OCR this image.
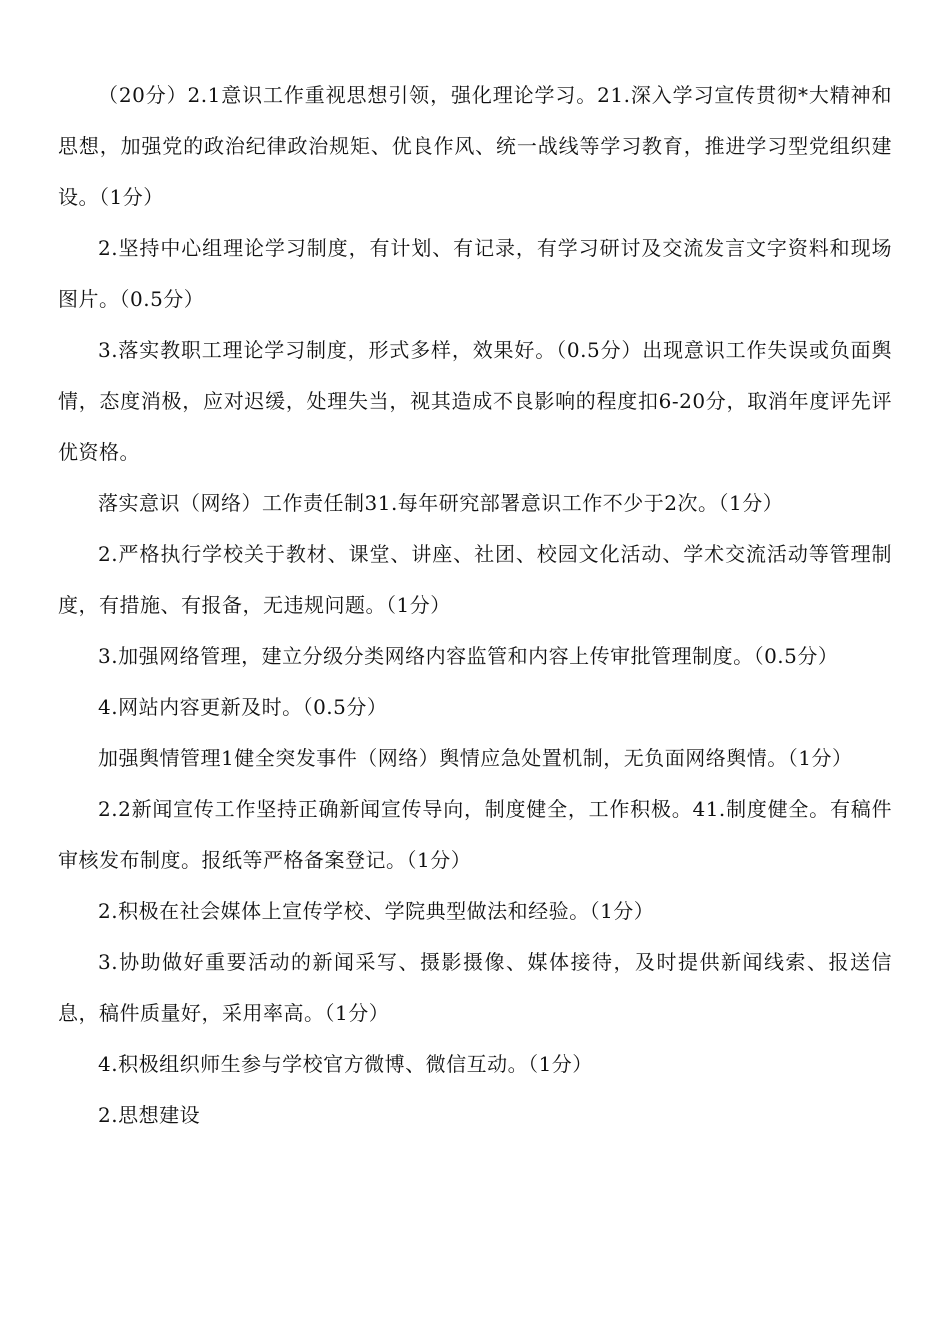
（20分）2.1意识工作重视思想引领，强化理论学习。21.深入学习宣传贯彻*大精神和思想，加强党的政治纪律政治规矩、优良作风、统一战线等学习教育，推进学习型党组织建设。（1分）

2.坚持中心组理论学习制度，有计划、有记录，有学习研讨及交流发言文字资料和现场图片。（0.5分）

3.落实教职工理论学习制度，形式多样，效果好。（0.5分）出现意识工作失误或负面舆情，态度消极，应对迟缓，处理失当，视其造成不良影响的程度扣6-20分，取消年度评先评优资格。

落实意识（网络）工作责任制31.每年研究部署意识工作不少于2次。（1分）

2.严格执行学校关于教材、课堂、讲座、社团、校园文化活动、学术交流活动等管理制度，有措施、有报备，无违规问题。（1分）

3.加强网络管理，建立分级分类网络内容监管和内容上传审批管理制度。（0.5分）

4.网站内容更新及时。（0.5分）

加强舆情管理1健全突发事件（网络）舆情应急处置机制，无负面网络舆情。（1分）

2.2新闻宣传工作坚持正确新闻宣传导向，制度健全，工作积极。41.制度健全。有稿件审核发布制度。报纸等严格备案登记。（1分）

2.积极在社会媒体上宣传学校、学院典型做法和经验。（1分）

3.协助做好重要活动的新闻采写、摄影摄像、媒体接待，及时提供新闻线索、报送信息，稿件质量好，采用率高。（1分）

4.积极组织师生参与学校官方微博、微信互动。（1分）

2.思想建设
